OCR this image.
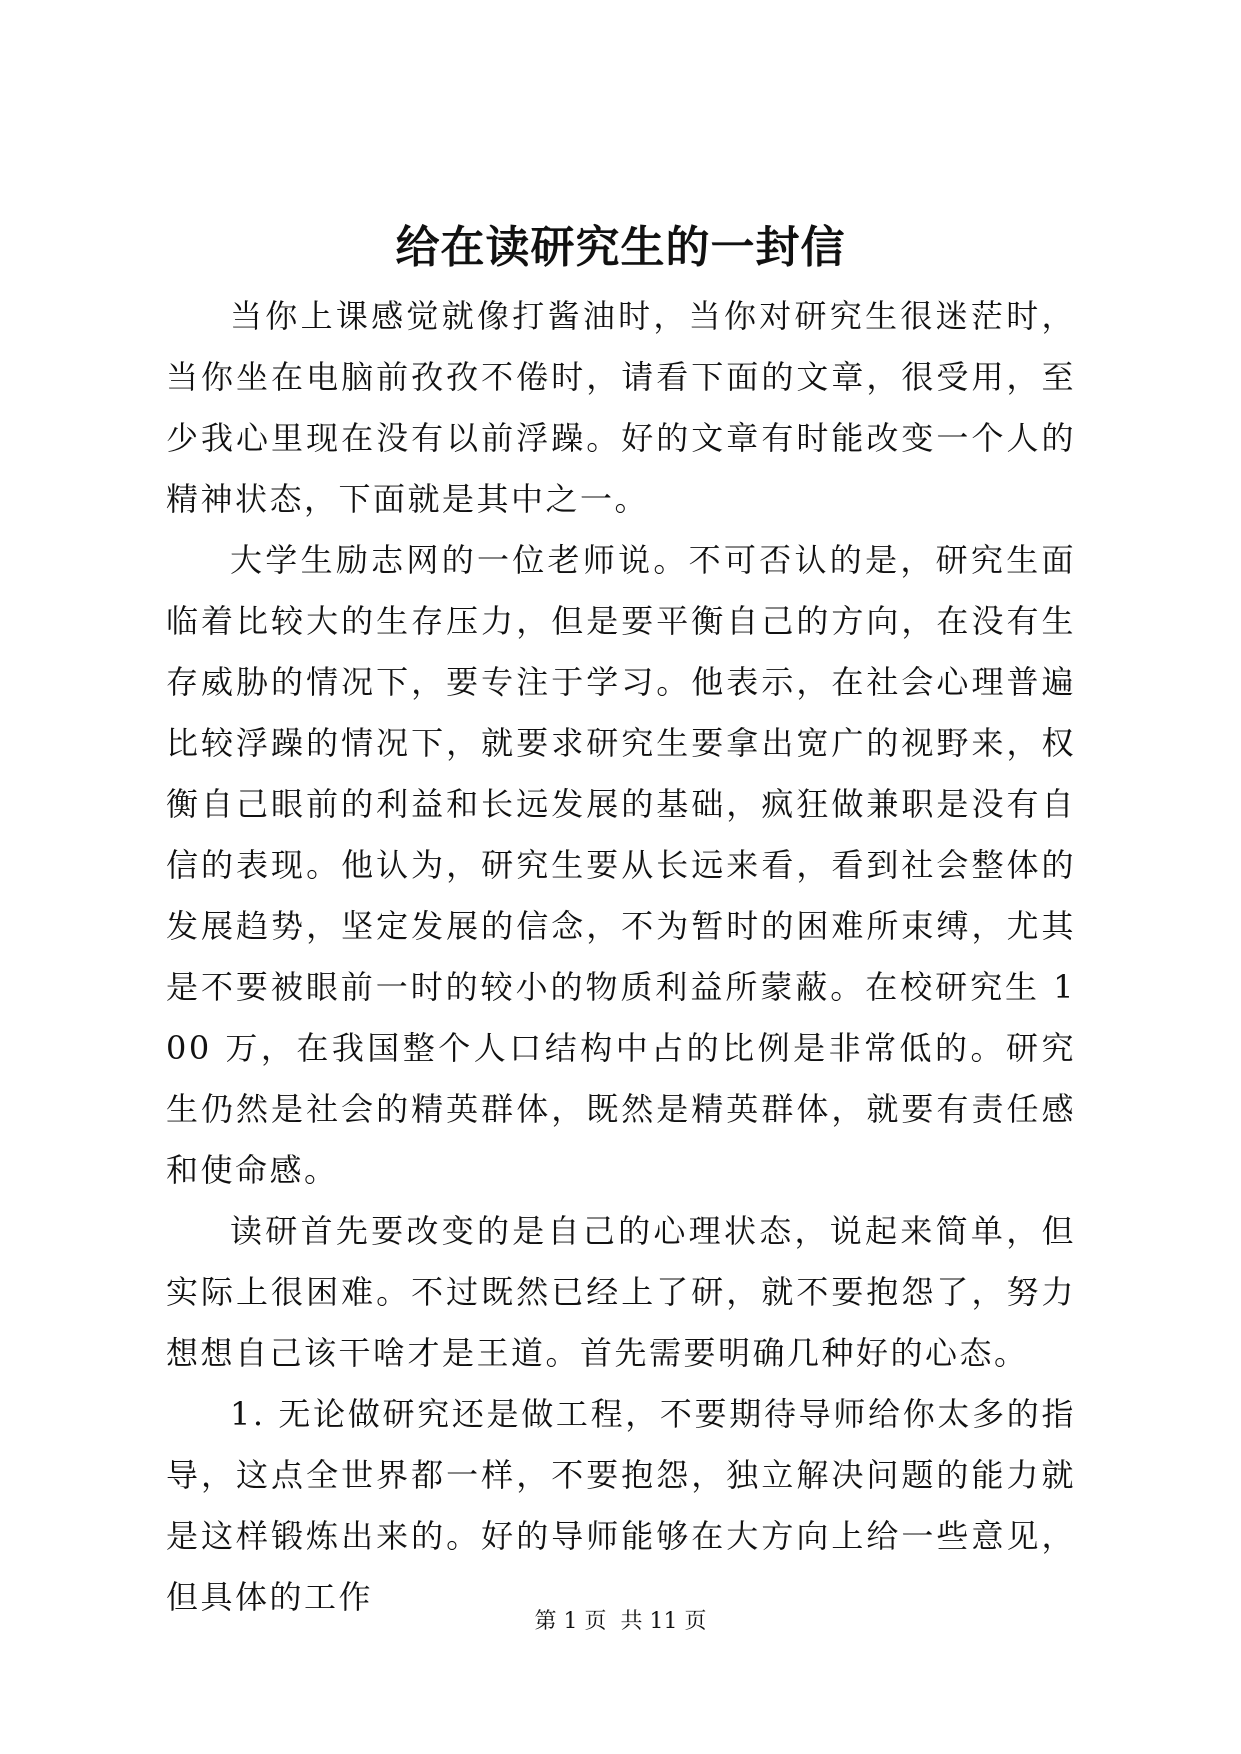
给在读研究生的一封信

当你上课感觉就像打酱油时，当你对研究生很迷茫时，当你坐在电脑前孜孜不倦时，请看下面的文章，很受用，至少我心里现在没有以前浮躁。好的文章有时能改变一个人的精神状态，下面就是其中之一。

大学生励志网的一位老师说。不可否认的是，研究生面临着比较大的生存压力，但是要平衡自己的方向，在没有生存威胁的情况下，要专注于学习。他表示，在社会心理普遍比较浮躁的情况下，就要求研究生要拿出宽广的视野来，权衡自己眼前的利益和长远发展的基础，疯狂做兼职是没有自信的表现。他认为，研究生要从长远来看，看到社会整体的发展趋势，坚定发展的信念，不为暂时的困难所束缚，尤其是不要被眼前一时的较小的物质利益所蒙蔽。在校研究生 100 万，在我国整个人口结构中占的比例是非常低的。研究生仍然是社会的精英群体，既然是精英群体，就要有责任感和使命感。

读研首先要改变的是自己的心理状态，说起来简单，但实际上很困难。不过既然已经上了研，就不要抱怨了，努力想想自己该干啥才是王道。首先需要明确几种好的心态。

1. 无论做研究还是做工程，不要期待导师给你太多的指导，这点全世界都一样，不要抱怨，独立解决问题的能力就是这样锻炼出来的。好的导师能够在大方向上给一些意见，但具体的工作

第 1 页  共 11 页
